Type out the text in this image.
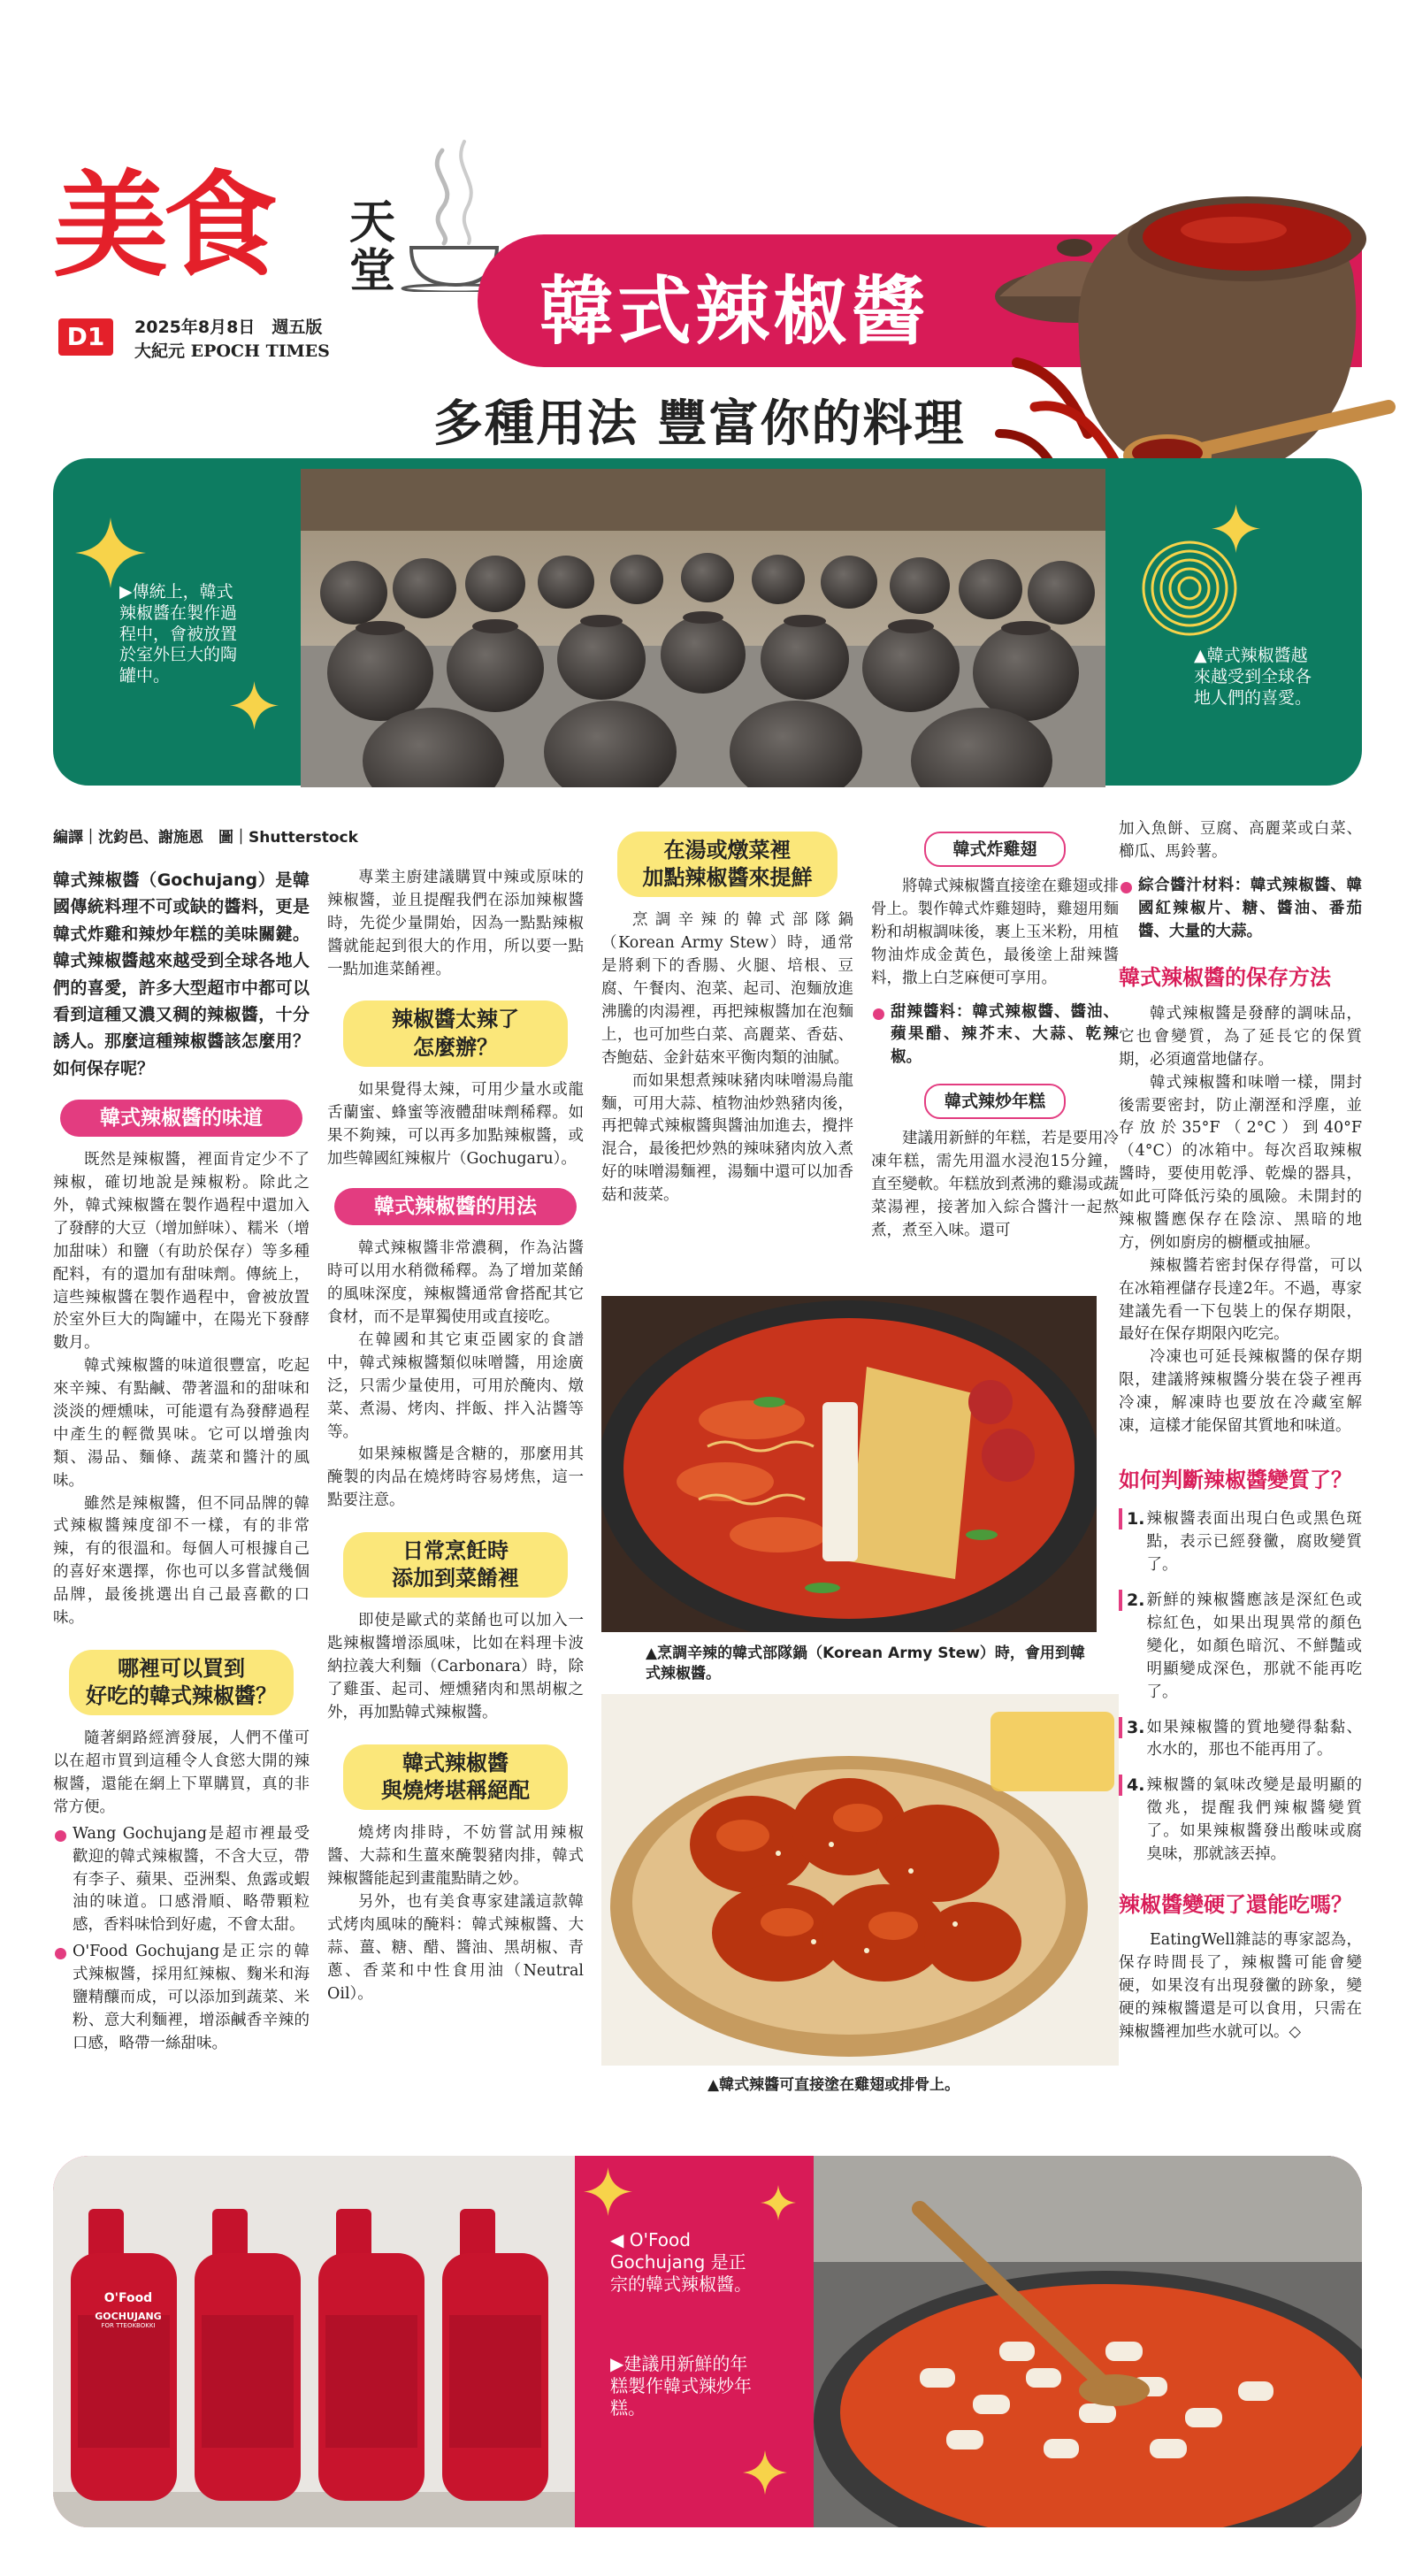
美食 天堂
D1	2025年8月8日　週五版
大紀元 EPOCH TIMES	韓式辣椒醬
多種用法 豐富你的料理
▶傳統上，韓式辣椒醬在製作過程中，會被放置於室外巨大的陶罐中。
▲韓式辣椒醬越來越受到全球各地人們的喜愛。
編譯｜沈鈞邑、謝施恩　圖｜Shutterstock
韓式辣椒醬（Gochujang）是韓國傳統料理不可或缺的醬料，更是韓式炸雞和辣炒年糕的美味關鍵。韓式辣椒醬越來越受到全球各地人們的喜愛，許多大型超市中都可以看到這種又濃又稠的辣椒醬，十分誘人。那麼這種辣椒醬該怎麼用？如何保存呢？
韓式辣椒醬的味道

既然是辣椒醬，裡面肯定少不了辣椒，確切地說是辣椒粉。除此之外，韓式辣椒醬在製作過程中還加入了發酵的大豆（增加鮮味）、糯米（增加甜味）和鹽（有助於保存）等多種配料，有的還加有甜味劑。傳統上，這些辣椒醬在製作過程中，會被放置於室外巨大的陶罐中，在陽光下發酵數月。

韓式辣椒醬的味道很豐富，吃起來辛辣、有點鹹、帶著溫和的甜味和淡淡的煙燻味，可能還有為發酵過程中產生的輕微異味。它可以增強肉類、湯品、麵條、蔬菜和醬汁的風味。

雖然是辣椒醬，但不同品牌的韓式辣椒醬辣度卻不一樣，有的非常辣，有的很溫和。每個人可根據自己的喜好來選擇，你也可以多嘗試幾個品牌，最後挑選出自己最喜歡的口味。

哪裡可以買到
好吃的韓式辣椒醬？

隨著網路經濟發展，人們不僅可以在超市買到這種令人食慾大開的辣椒醬，還能在網上下單購買，真的非常方便。

Wang Gochujang是超市裡最受歡迎的韓式辣椒醬，不含大豆，帶有李子、蘋果、亞洲梨、魚露或蝦油的味道。口感滑順、略帶顆粒感，香料味恰到好處，不會太甜。

O'Food Gochujang是正宗的韓式辣椒醬，採用紅辣椒、麴米和海鹽精釀而成，可以添加到蔬菜、米粉、意大利麵裡，增添鹹香辛辣的口感，略帶一絲甜味。

專業主廚建議購買中辣或原味的辣椒醬，並且提醒我們在添加辣椒醬時，先從少量開始，因為一點點辣椒醬就能起到很大的作用，所以要一點一點加進菜餚裡。

辣椒醬太辣了
怎麼辦？

如果覺得太辣，可用少量水或龍舌蘭蜜、蜂蜜等液體甜味劑稀釋。如果不夠辣，可以再多加點辣椒醬，或加些韓國紅辣椒片（Gochugaru）。

韓式辣椒醬的用法

韓式辣椒醬非常濃稠，作為沾醬時可以用水稍微稀釋。為了增加菜餚的風味深度，辣椒醬通常會搭配其它食材，而不是單獨使用或直接吃。

在韓國和其它東亞國家的食譜中，韓式辣椒醬類似味噌醬，用途廣泛，只需少量使用，可用於醃肉、燉菜、煮湯、烤肉、拌飯、拌入沾醬等等。

如果辣椒醬是含糖的，那麼用其醃製的肉品在燒烤時容易烤焦，這一點要注意。

日常烹飪時
添加到菜餚裡

即使是歐式的菜餚也可以加入一匙辣椒醬增添風味，比如在料理卡波納拉義大利麵（Carbonara）時，除了雞蛋、起司、煙燻豬肉和黑胡椒之外，再加點韓式辣椒醬。

韓式辣椒醬
與燒烤堪稱絕配

燒烤肉排時，不妨嘗試用辣椒醬、大蒜和生薑來醃製豬肉排，韓式辣椒醬能起到畫龍點睛之妙。

另外，也有美食專家建議這款韓式烤肉風味的醃料：韓式辣椒醬、大蒜、薑、糖、醋、醬油、黑胡椒、青蔥、香菜和中性食用油（Neutral Oil）。

在湯或燉菜裡
加點辣椒醬來提鮮

烹調辛辣的韓式部隊鍋（Korean Army Stew）時，通常是將剩下的香腸、火腿、培根、豆腐、午餐肉、泡菜、起司、泡麵放進沸騰的肉湯裡，再把辣椒醬加在泡麵上，也可加些白菜、高麗菜、香菇、杏鮑菇、金針菇來平衡肉類的油膩。

而如果想煮辣味豬肉味噌湯烏龍麵，可用大蒜、植物油炒熟豬肉後，再把韓式辣椒醬與醬油加進去，攪拌混合，最後把炒熟的辣味豬肉放入煮好的味噌湯麵裡，湯麵中還可以加香菇和菠菜。

韓式炸雞翅

將韓式辣椒醬直接塗在雞翅或排骨上。製作韓式炸雞翅時，雞翅用麵粉和胡椒調味後，裹上玉米粉，用植物油炸成金黃色，最後塗上甜辣醬料，撒上白芝麻便可享用。

甜辣醬料：韓式辣椒醬、醬油、蘋果醋、辣芥末、大蒜、乾辣椒。

韓式辣炒年糕

建議用新鮮的年糕，若是要用冷凍年糕，需先用溫水浸泡15分鐘，直至變軟。年糕放到煮沸的雞湯或蔬菜湯裡，接著加入綜合醬汁一起熬煮，煮至入味。還可

加入魚餅、豆腐、高麗菜或白菜、櫛瓜、馬鈴薯。

綜合醬汁材料：韓式辣椒醬、韓國紅辣椒片、糖、醬油、番茄醬、大量的大蒜。

韓式辣椒醬的保存方法

韓式辣椒醬是發酵的調味品，它也會變質，為了延長它的保質期，必須適當地儲存。

韓式辣椒醬和味噌一樣，開封後需要密封，防止潮溼和浮塵，並存放於35°F（2°C）到40°F（4°C）的冰箱中。每次舀取辣椒醬時，要使用乾淨、乾燥的器具，如此可降低污染的風險。未開封的辣椒醬應保存在陰涼、黑暗的地方，例如廚房的櫥櫃或抽屜。

辣椒醬若密封保存得當，可以在冰箱裡儲存長達2年。不過，專家建議先看一下包裝上的保存期限，最好在保存期限內吃完。

冷凍也可延長辣椒醬的保存期限，建議將辣椒醬分裝在袋子裡再冷凍，解凍時也要放在冷藏室解凍，這樣才能保留其質地和味道。

如何判斷辣椒醬變質了？
1. 辣椒醬表面出現白色或黑色斑點，表示已經發黴，腐敗變質了。
2. 新鮮的辣椒醬應該是深紅色或棕紅色，如果出現異常的顏色變化，如顏色暗沉、不鮮豔或明顯變成深色，那就不能再吃了。
3. 如果辣椒醬的質地變得黏黏、水水的，那也不能再用了。
4. 辣椒醬的氣味改變是最明顯的徵兆，提醒我們辣椒醬變質了。如果辣椒醬發出酸味或腐臭味，那就該丟掉。
辣椒醬變硬了還能吃嗎？

EatingWell雜誌的專家認為，保存時間長了，辣椒醬可能會變硬，如果沒有出現發黴的跡象，變硬的辣椒醬還是可以食用，只需在辣椒醬裡加些水就可以。◇

▲烹調辛辣的韓式部隊鍋（Korean Army Stew）時，會用到韓式辣椒醬。
▲韓式辣醬可直接塗在雞翅或排骨上。
O'Food
GOCHUJANG
FOR TTEOKBOKKI
◀ O'Food Gochujang 是正宗的韓式辣椒醬。
▶建議用新鮮的年糕製作韓式辣炒年糕。
